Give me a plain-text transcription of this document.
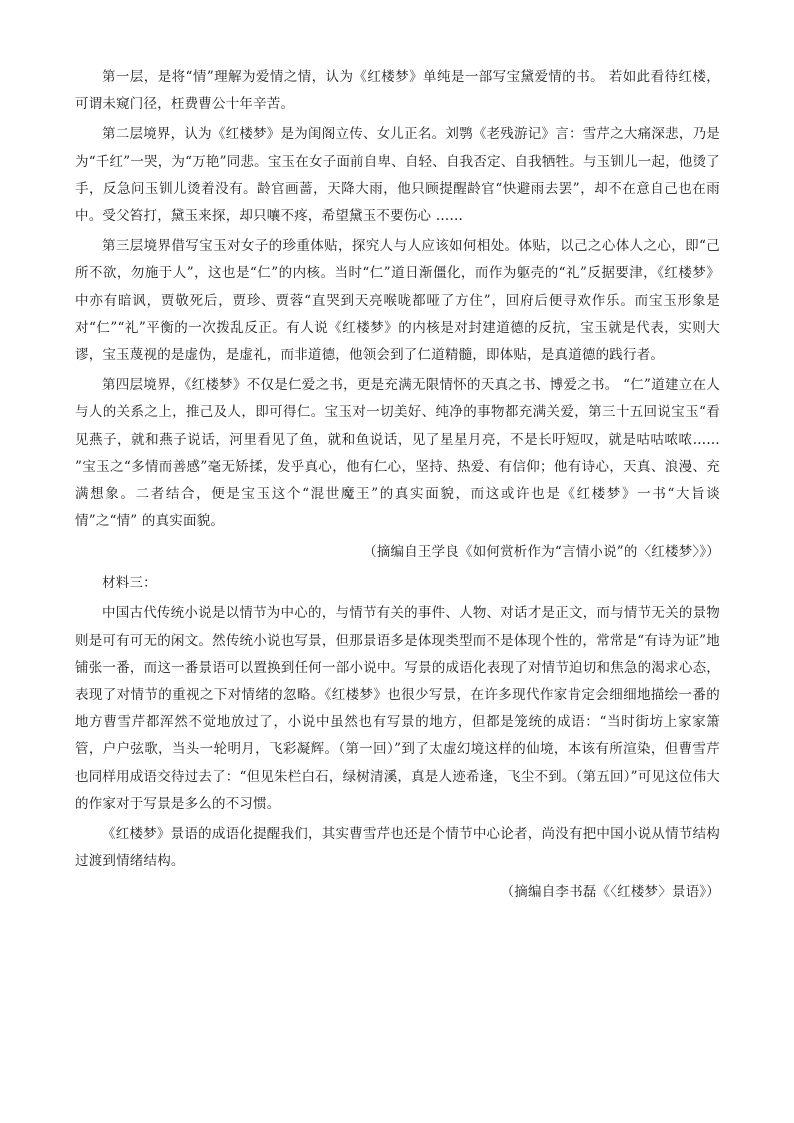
第一层，是将“情”理解为爱情之情，认为《红楼梦》单纯是一部写宝黛爱情的书。 若如此看待红楼，可谓未窥门径，枉费曹公十年辛苦。

第二层境界，认为《红楼梦》是为闺阁立传、女儿正名。刘鹗《老残游记》言：雪芹之大痛深悲，乃是为“千红”一哭，为“万艳”同悲。宝玉在女子面前自卑、自轻、自我否定、自我牺牲。与玉钏儿一起，他烫了手，反急问玉钏儿烫着没有。龄官画蔷，天降大雨，他只顾提醒龄官“快避雨去罢”，却不在意自己也在雨中。受父笞打，黛玉来探，却只嚷不疼，希望黛玉不要伤心 ……

第三层境界借写宝玉对女子的珍重体贴，探究人与人应该如何相处。体贴，以己之心体人之心，即“己所不欲，勿施于人”，这也是“仁”的内核。当时“仁”道日渐僵化，而作为躯壳的“礼”反据要津，《红楼梦》中亦有暗讽，贾敬死后，贾珍、贾蓉“直哭到天亮喉咙都哑了方住”，回府后便寻欢作乐。而宝玉形象是对“仁”“礼”平衡的一次拨乱反正。有人说《红楼梦》的内核是对封建道德的反抗，宝玉就是代表，实则大谬，宝玉蔑视的是虚伪，是虚礼，而非道德，他领会到了仁道精髓，即体贴，是真道德的践行者。

第四层境界，《红楼梦》不仅是仁爱之书，更是充满无限情怀的天真之书、博爱之书。 “仁”道建立在人与人的关系之上，推己及人，即可得仁。宝玉对一切美好、纯净的事物都充满关爱，第三十五回说宝玉“看见燕子，就和燕子说话，河里看见了鱼，就和鱼说话，见了星星月亮，不是长吁短叹，就是咕咕哝哝…… ”宝玉之“多情而善感”毫无矫揉，发乎真心，他有仁心，坚持、热爱、有信仰；他有诗心，天真、浪漫、充满想象。二者结合，便是宝玉这个“混世魔王”的真实面貌，而这或许也是《红楼梦》一书“大旨谈情”之“情” 的真实面貌。

（摘编自王学良《如何赏析作为“言情小说”的〈红楼梦〉》）

材料三：

中国古代传统小说是以情节为中心的，与情节有关的事件、人物、对话才是正文，而与情节无关的景物则是可有可无的闲文。然传统小说也写景，但那景语多是体现类型而不是体现个性的，常常是“有诗为证”地铺张一番，而这一番景语可以置换到任何一部小说中。写景的成语化表现了对情节迫切和焦急的渴求心态，表现了对情节的重视之下对情绪的忽略。《红楼梦》也很少写景，在许多现代作家肯定会细细地描绘一番的地方曹雪芹都浑然不觉地放过了，小说中虽然也有写景的地方，但都是笼统的成语：“当时街坊上家家箫管，户户弦歌，当头一轮明月，飞彩凝辉。（第一回）”到了太虚幻境这样的仙境，本该有所渲染，但曹雪芹也同样用成语交待过去了：“但见朱栏白石，绿树清溪，真是人迹希逢，飞尘不到。（第五回）”可见这位伟大的作家对于写景是多么的不习惯。

《红楼梦》景语的成语化提醒我们，其实曹雪芹也还是个情节中心论者，尚没有把中国小说从情节结构过渡到情绪结构。

（摘编自李书磊《〈红楼梦〉景语》）
